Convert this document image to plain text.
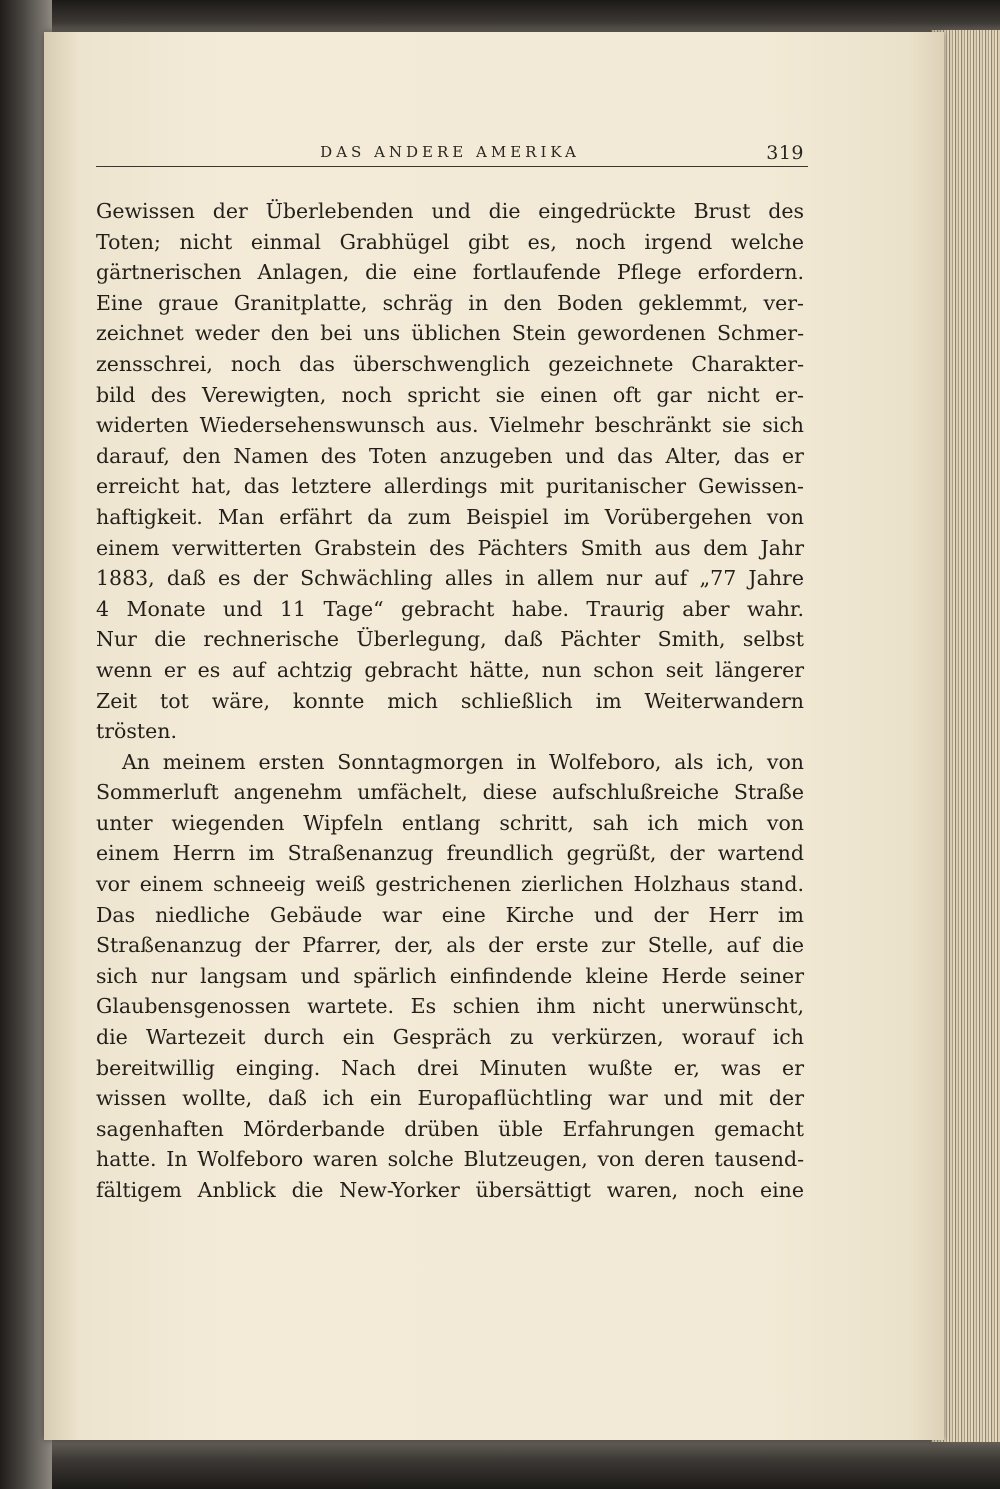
DAS ANDERE AMERIKA	319
Gewissen der Überlebenden und die eingedrückte Brust des
Toten; nicht einmal Grabhügel gibt es, noch irgend welche
gärtnerischen Anlagen, die eine fortlaufende Pflege erfordern.
Eine graue Granitplatte, schräg in den Boden geklemmt, ver-
zeichnet weder den bei uns üblichen Stein gewordenen Schmer-
zensschrei, noch das überschwenglich gezeichnete Charakter-
bild des Verewigten, noch spricht sie einen oft gar nicht er-
widerten Wiedersehenswunsch aus. Vielmehr beschränkt sie sich
darauf, den Namen des Toten anzugeben und das Alter, das er
erreicht hat, das letztere allerdings mit puritanischer Gewissen-
haftigkeit. Man erfährt da zum Beispiel im Vorübergehen von
einem verwitterten Grabstein des Pächters Smith aus dem Jahr
1883, daß es der Schwächling alles in allem nur auf „77 Jahre
4 Monate und 11 Tage“ gebracht habe. Traurig aber wahr.
Nur die rechnerische Überlegung, daß Pächter Smith, selbst
wenn er es auf achtzig gebracht hätte, nun schon seit längerer
Zeit tot wäre, konnte mich schließlich im Weiterwandern
trösten.
An meinem ersten Sonntagmorgen in Wolfeboro, als ich, von
Sommerluft angenehm umfächelt, diese aufschlußreiche Straße
unter wiegenden Wipfeln entlang schritt, sah ich mich von
einem Herrn im Straßenanzug freundlich gegrüßt, der wartend
vor einem schneeig weiß gestrichenen zierlichen Holzhaus stand.
Das niedliche Gebäude war eine Kirche und der Herr im
Straßenanzug der Pfarrer, der, als der erste zur Stelle, auf die
sich nur langsam und spärlich einfindende kleine Herde seiner
Glaubensgenossen wartete. Es schien ihm nicht unerwünscht,
die Wartezeit durch ein Gespräch zu verkürzen, worauf ich
bereitwillig einging. Nach drei Minuten wußte er, was er
wissen wollte, daß ich ein Europaflüchtling war und mit der
sagenhaften Mörderbande drüben üble Erfahrungen gemacht
hatte. In Wolfeboro waren solche Blutzeugen, von deren tausend-
fältigem Anblick die New-Yorker übersättigt waren, noch eine
